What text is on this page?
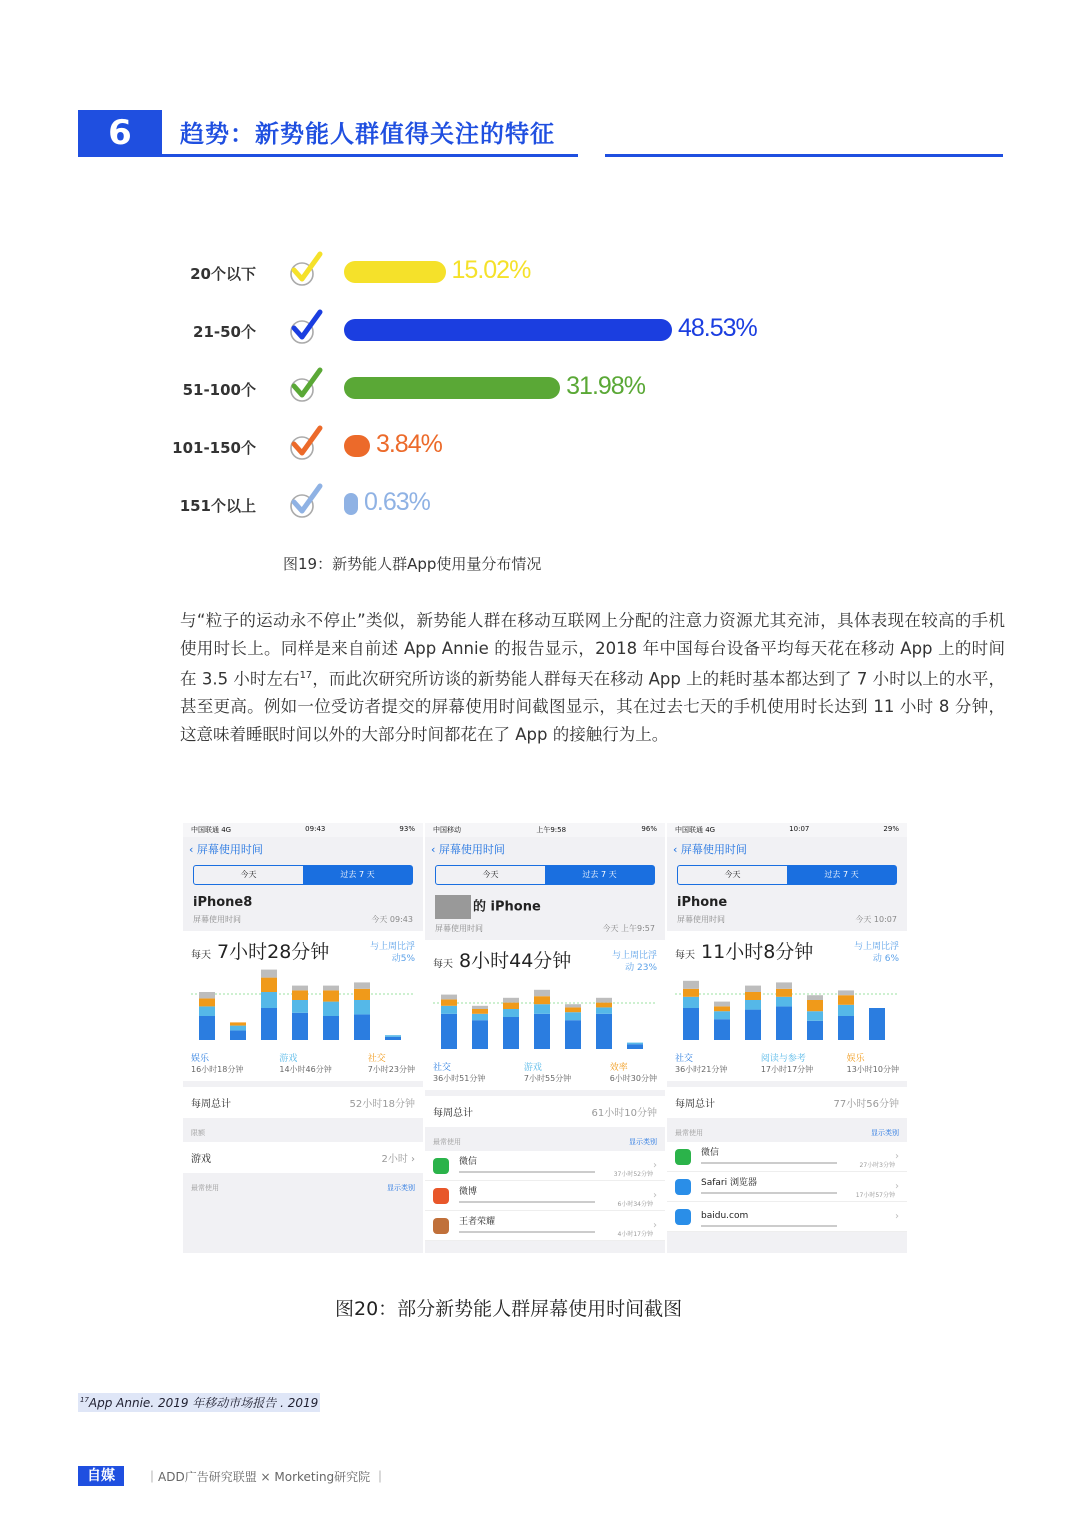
6	趋势：新势能人群值得关注的特征
20个以下	15.02%
21-50个	48.53%
51-100个	31.98%
101-150个	3.84%
151个以上	0.63%
图19：新势能人群App使用量分布情况
与“粒子的运动永不停止”类似，新势能人群在移动互联网上分配的注意力资源尤其充沛，具体表现在较高的手机使用时长上。同样是来自前述 App Annie 的报告显示，2018 年中国每台设备平均每天花在移动 App 上的时间在 3.5 小时左右$^{17}$，而此次研究所访谈的新势能人群每天在移动 App 上的耗时基本都达到了 7 小时以上的水平，甚至更高。例如一位受访者提交的屏幕使用时间截图显示，其在过去七天的手机使用时长达到 11 小时 8 分钟，这意味着睡眠时间以外的大部分时间都花在了 App 的接触行为上。
中国联通 4G	09:43	93%
‹ 屏幕使用时间
今天	过去 7 天
iPhone8
屏幕使用时间	今天 09:43
每天 7小时28分钟	与上周比浮动5%
娱乐
16小时18分钟
游戏
14小时46分钟
社交
7小时23分钟
每周总计	52小时18分钟
限额
游戏	2小时 ›
最常使用	显示类别
中国移动	上午9:58	96%
‹ 屏幕使用时间
今天	过去 7 天
的 iPhone
屏幕使用时间	今天 上午9:57
每天 8小时44分钟	与上周比浮动 23%
社交
36小时51分钟
游戏
7小时55分钟
效率
6小时30分钟
每周总计	61小时10分钟
最常使用	显示类别
微信
37小时52分钟
›
微博
6小时34分钟
›
王者荣耀
4小时17分钟
›
中国联通 4G	10:07	29%
‹ 屏幕使用时间
今天	过去 7 天
iPhone
屏幕使用时间	今天 10:07
每天 11小时8分钟	与上周比浮动 6%
社交
36小时21分钟
阅读与参考
17小时17分钟
娱乐
13小时10分钟
每周总计	77小时56分钟
最常使用	显示类别
微信
27小时3分钟
›
Safari 浏览器
17小时57分钟
›
baidu.com	›
图20：部分新势能人群屏幕使用时间截图
$^{17}$App Annie. 2019 年移动市场报告 . 2019
自媒	｜ADD广告研究联盟 × Morketing研究院 ｜
